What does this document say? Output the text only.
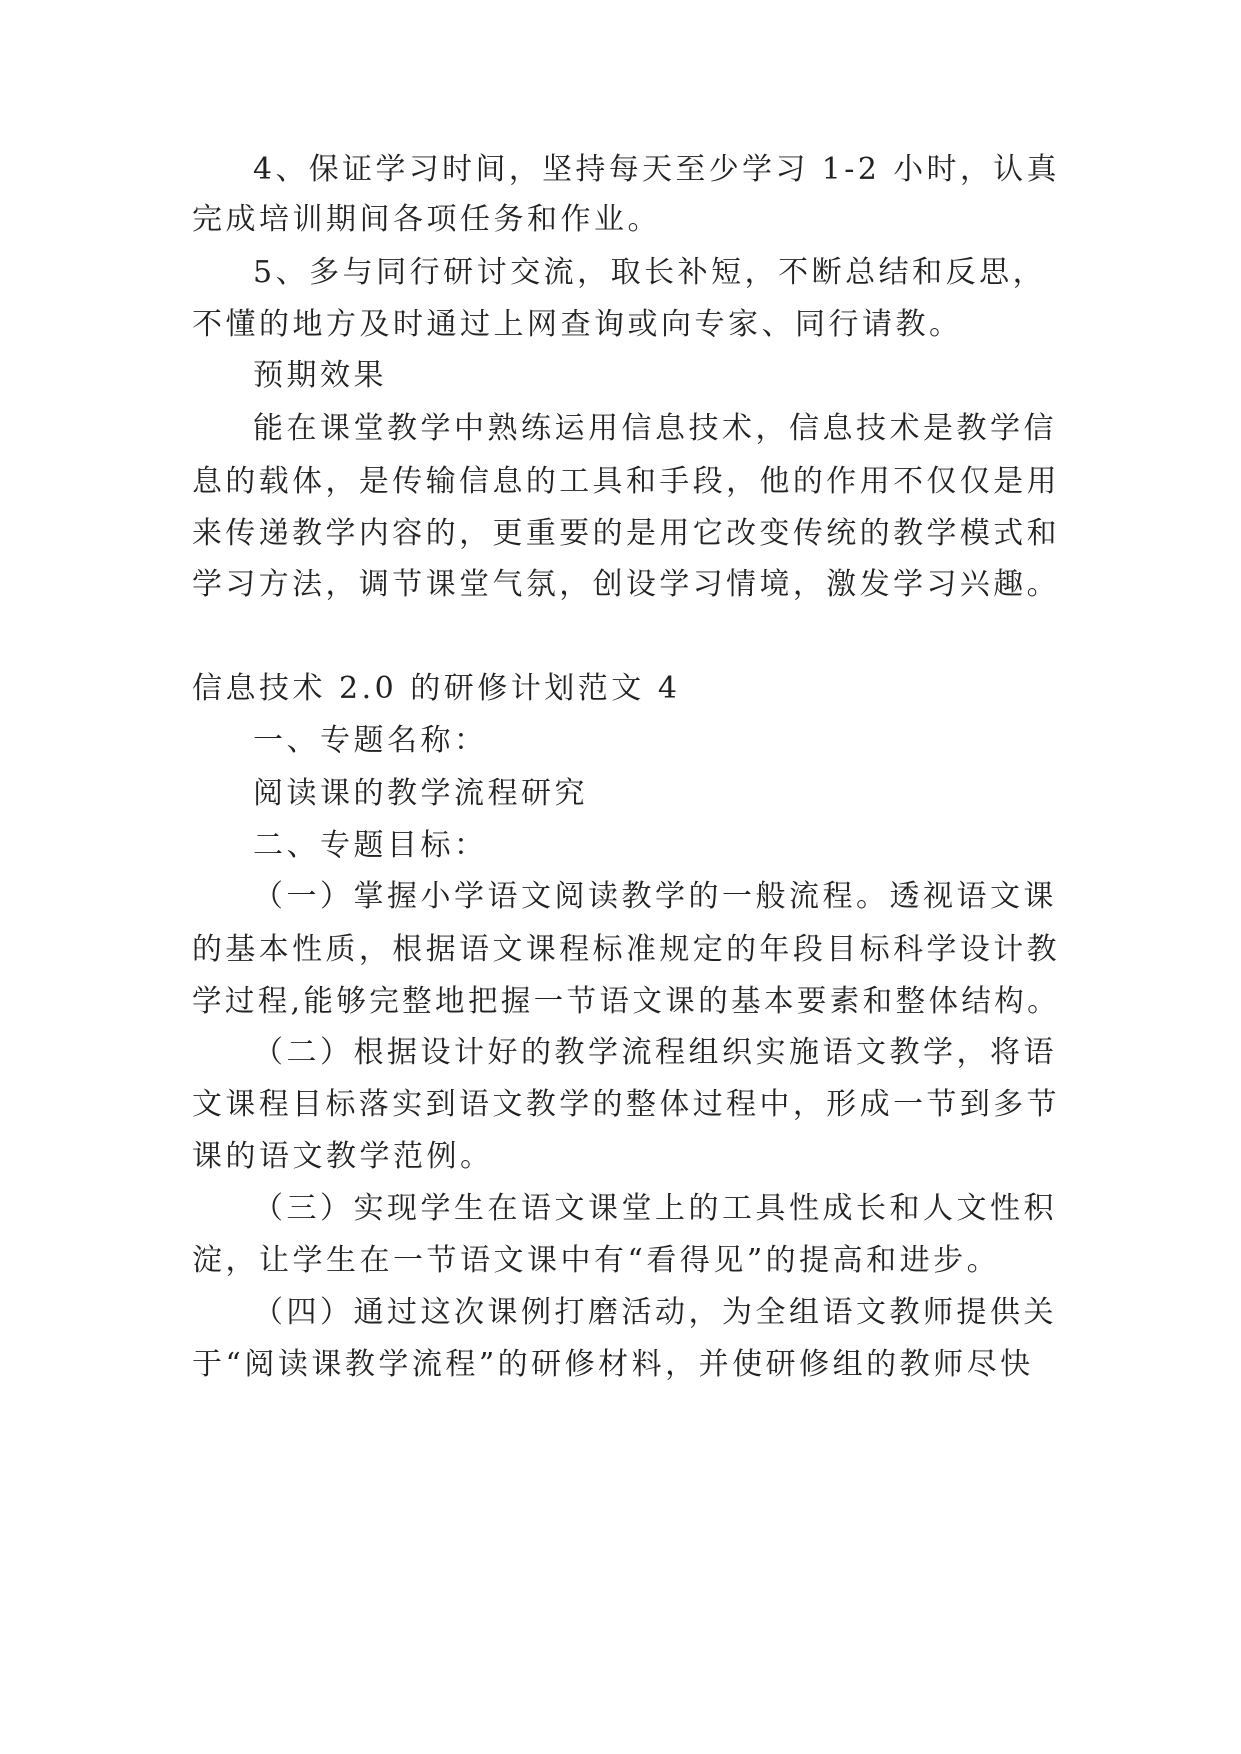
4、保证学习时间，坚持每天至少学习 1-2 小时，认真
完成培训期间各项任务和作业。
5、多与同行研讨交流，取长补短，不断总结和反思，
不懂的地方及时通过上网查询或向专家、同行请教。
预期效果
能在课堂教学中熟练运用信息技术，信息技术是教学信
息的载体，是传输信息的工具和手段，他的作用不仅仅是用
来传递教学内容的，更重要的是用它改变传统的教学模式和
学习方法，调节课堂气氛，创设学习情境，激发学习兴趣。
信息技术 2.0 的研修计划范文 4
一、专题名称：
阅读课的教学流程研究
二、专题目标：
（一）掌握小学语文阅读教学的一般流程。透视语文课
的基本性质，根据语文课程标准规定的年段目标科学设计教
学过程,能够完整地把握一节语文课的基本要素和整体结构。
（二）根据设计好的教学流程组织实施语文教学，将语
文课程目标落实到语文教学的整体过程中，形成一节到多节
课的语文教学范例。
（三）实现学生在语文课堂上的工具性成长和人文性积
淀，让学生在一节语文课中有“看得见”的提高和进步。
（四）通过这次课例打磨活动，为全组语文教师提供关
于“阅读课教学流程”的研修材料，并使研修组的教师尽快
